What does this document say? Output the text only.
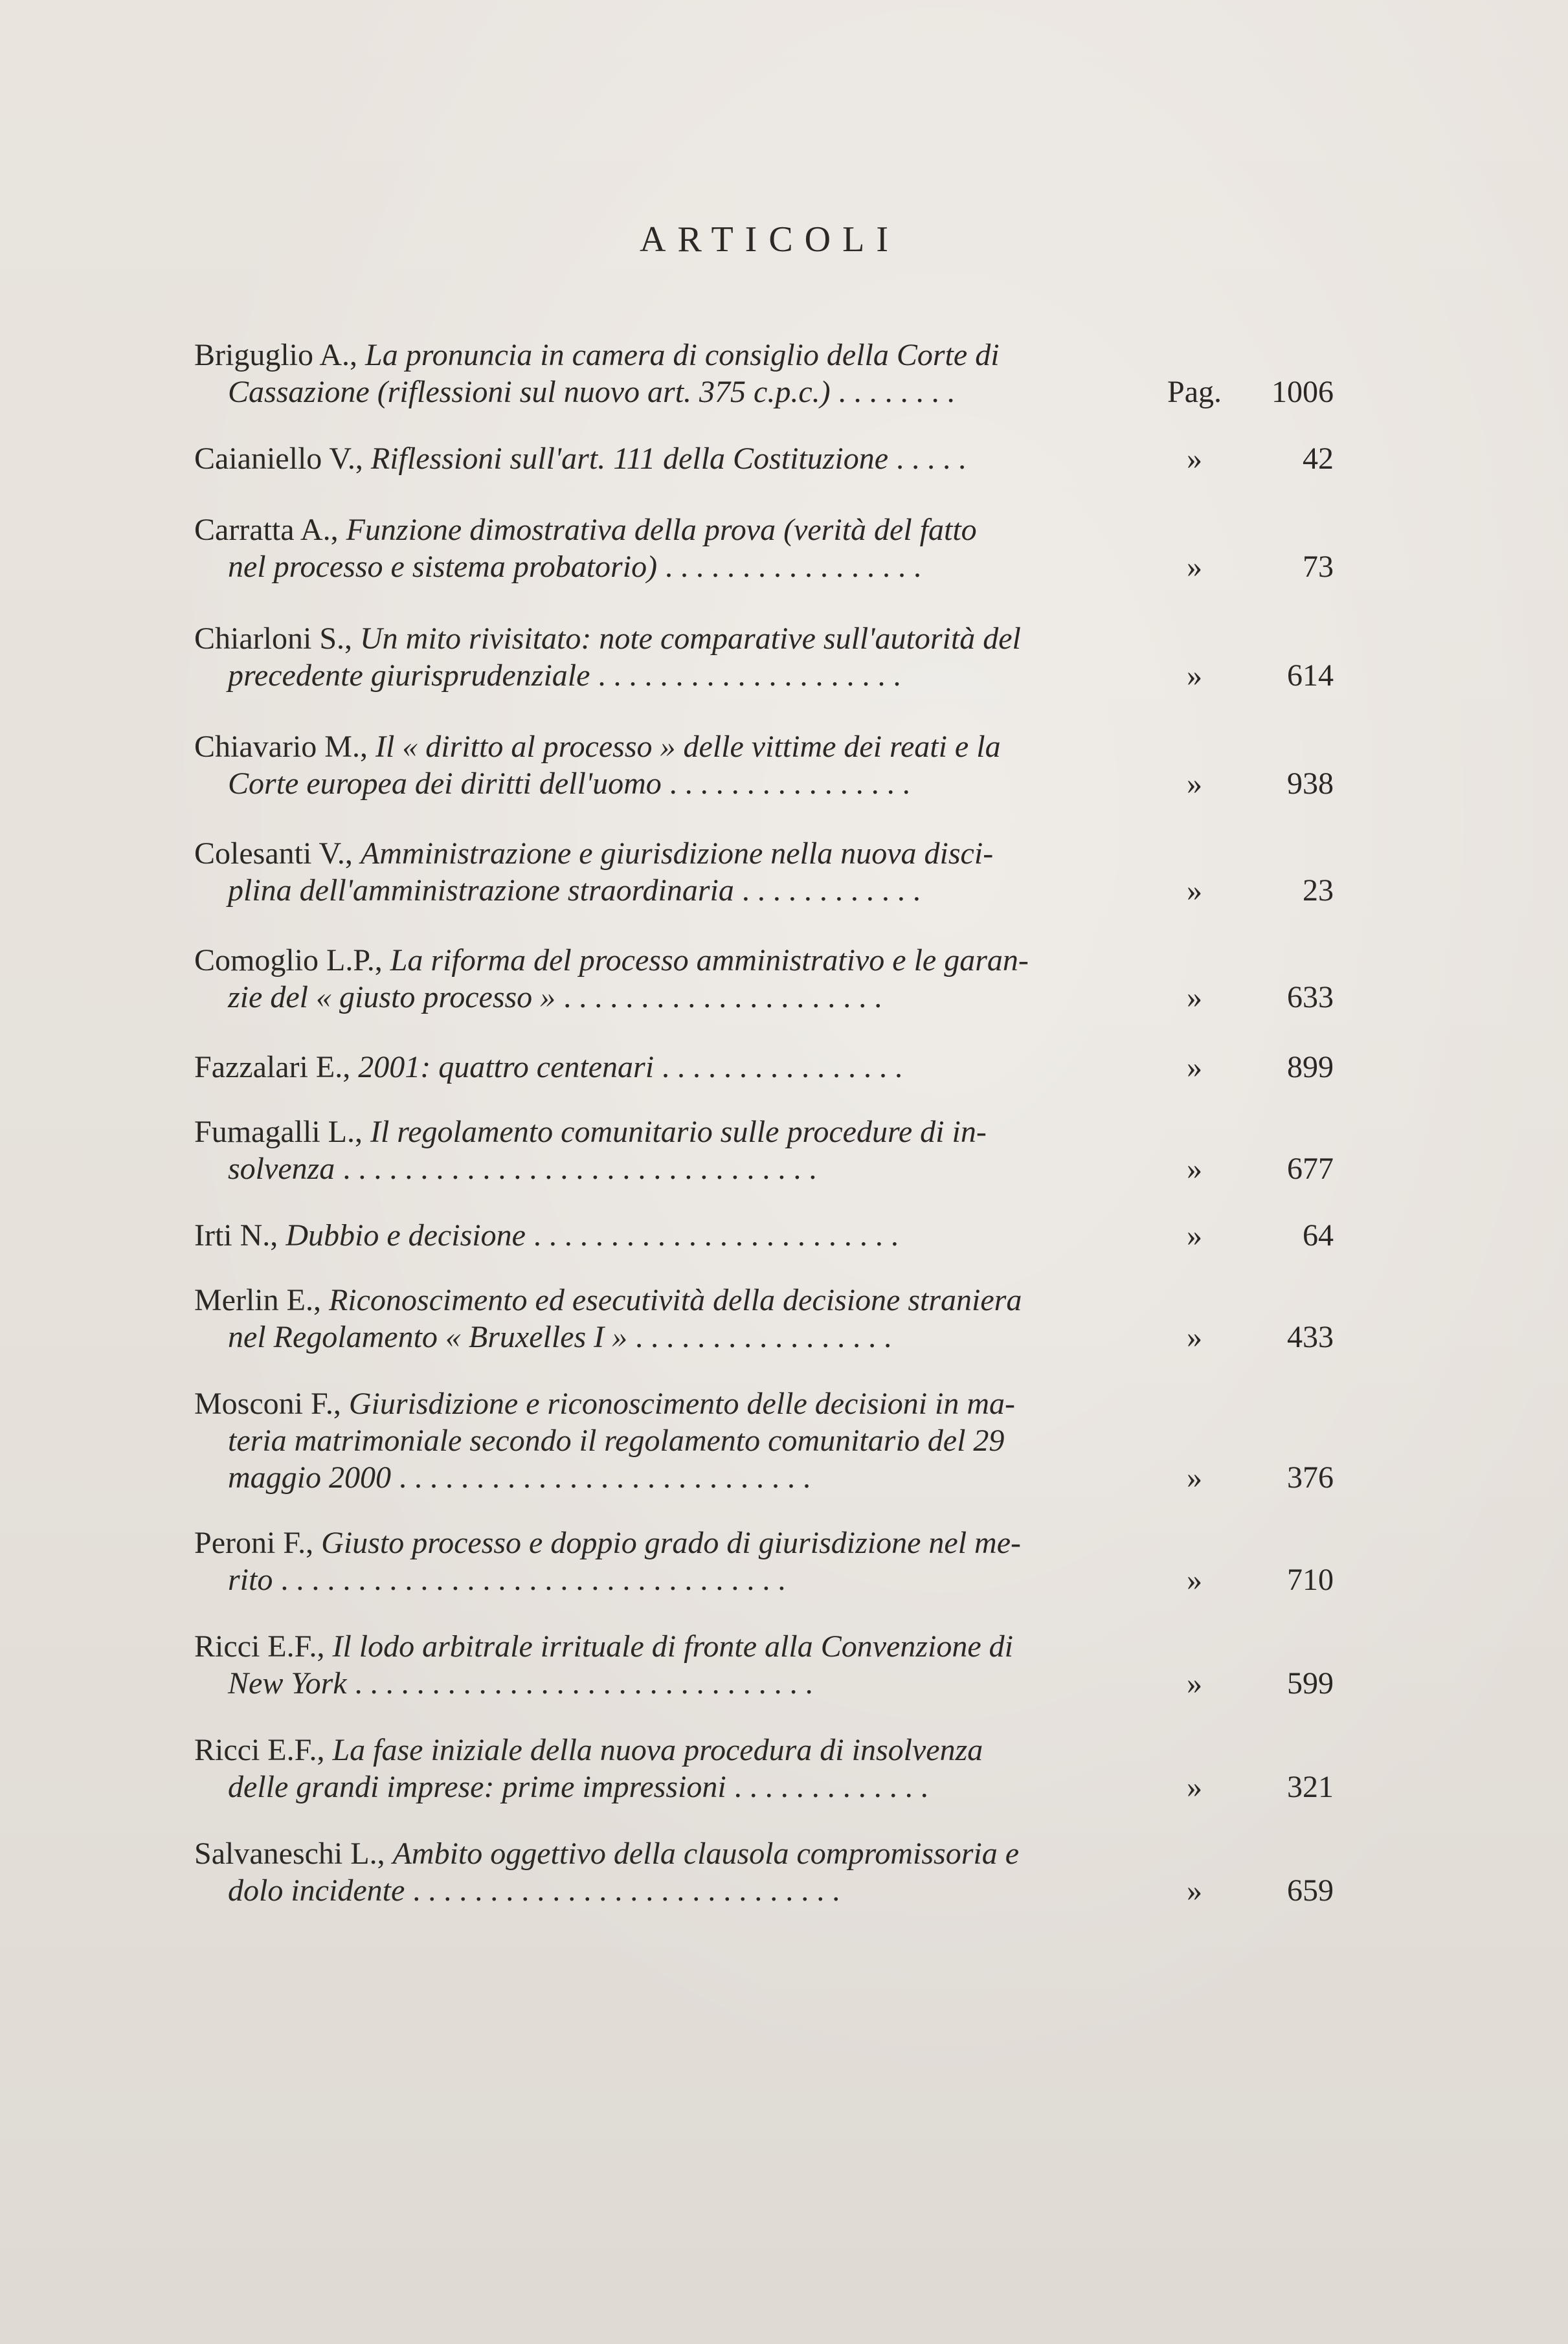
ARTICOLI
Briguglio A., La pronuncia in camera di consiglio della Corte di
Cassazione (riflessioni sul nuovo art. 375 c.p.c.) . . . . . . . .	Pag.	1006
Caianiello V., Riflessioni sull'art. 111 della Costituzione . . . . .	»	42
Carratta A., Funzione dimostrativa della prova (verità del fatto
nel processo e sistema probatorio) . . . . . . . . . . . . . . . . .	»	73
Chiarloni S., Un mito rivisitato: note comparative sull'autorità del
precedente giurisprudenziale . . . . . . . . . . . . . . . . . . . .	»	614
Chiavario M., Il « diritto al processo » delle vittime dei reati e la
Corte europea dei diritti dell'uomo . . . . . . . . . . . . . . . .	»	938
Colesanti V., Amministrazione e giurisdizione nella nuova disci-
plina dell'amministrazione straordinaria . . . . . . . . . . . .	»	23
Comoglio L.P., La riforma del processo amministrativo e le garan-
zie del « giusto processo » . . . . . . . . . . . . . . . . . . . . .	»	633
Fazzalari E., 2001: quattro centenari . . . . . . . . . . . . . . . .	»	899
Fumagalli L., Il regolamento comunitario sulle procedure di in-
solvenza . . . . . . . . . . . . . . . . . . . . . . . . . . . . . . .	»	677
Irti N., Dubbio e decisione . . . . . . . . . . . . . . . . . . . . . . . .	»	64
Merlin E., Riconoscimento ed esecutività della decisione straniera
nel Regolamento « Bruxelles I » . . . . . . . . . . . . . . . . .	»	433
Mosconi F., Giurisdizione e riconoscimento delle decisioni in ma-
teria matrimoniale secondo il regolamento comunitario del 29
maggio 2000 . . . . . . . . . . . . . . . . . . . . . . . . . . .	»	376
Peroni F., Giusto processo e doppio grado di giurisdizione nel me-
rito . . . . . . . . . . . . . . . . . . . . . . . . . . . . . . . . .	»	710
Ricci E.F., Il lodo arbitrale irrituale di fronte alla Convenzione di
New York . . . . . . . . . . . . . . . . . . . . . . . . . . . . . .	»	599
Ricci E.F., La fase iniziale della nuova procedura di insolvenza
delle grandi imprese: prime impressioni . . . . . . . . . . . . .	»	321
Salvaneschi L., Ambito oggettivo della clausola compromissoria e
dolo incidente . . . . . . . . . . . . . . . . . . . . . . . . . . . .	»	659
